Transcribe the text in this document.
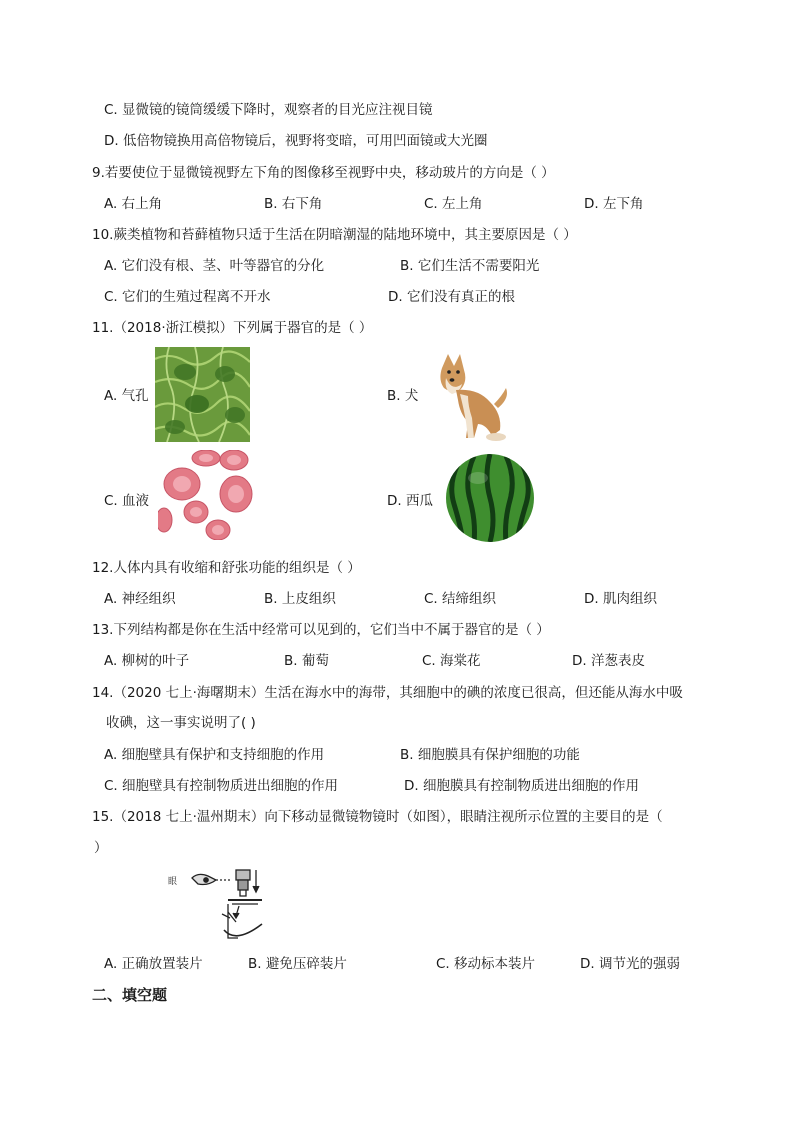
C. 显微镜的镜筒缓缓下降时，观察者的目光应注视目镜
D. 低倍物镜换用高倍物镜后，视野将变暗，可用凹面镜或大光圈
9.若要使位于显微镜视野左下角的图像移至视野中央，移动玻片的方向是（ ）
A. 右上角	B. 右下角	C. 左上角	D. 左下角
10.蕨类植物和苔藓植物只适于生活在阴暗潮湿的陆地环境中，其主要原因是（ ）
A. 它们没有根、茎、叶等器官的分化	B. 它们生活不需要阳光
C. 它们的生殖过程离不开水	D. 它们没有真正的根
11.（2018·浙江模拟）下列属于器官的是（ ）
A. 气孔	B. 犬
C. 血液	D. 西瓜
12.人体内具有收缩和舒张功能的组织是（ ）
A. 神经组织	B. 上皮组织	C. 结缔组织	D. 肌肉组织
13.下列结构都是你在生活中经常可以见到的，它们当中不属于器官的是（ ）
A. 柳树的叶子	B. 葡萄	C. 海棠花	D. 洋葱表皮
14.（2020 七上·海曙期末）生活在海水中的海带，其细胞中的碘的浓度已很高，但还能从海水中吸
收碘，这一事实说明了( )
A. 细胞壁具有保护和支持细胞的作用	B. 细胞膜具有保护细胞的功能
C. 细胞壁具有控制物质进出细胞的作用	D. 细胞膜具有控制物质进出细胞的作用
15.（2018 七上·温州期末）向下移动显微镜物镜时（如图），眼睛注视所示位置的主要目的是（
）
眼
A. 正确放置装片	B. 避免压碎装片	C. 移动标本装片	D. 调节光的强弱
二、填空题
